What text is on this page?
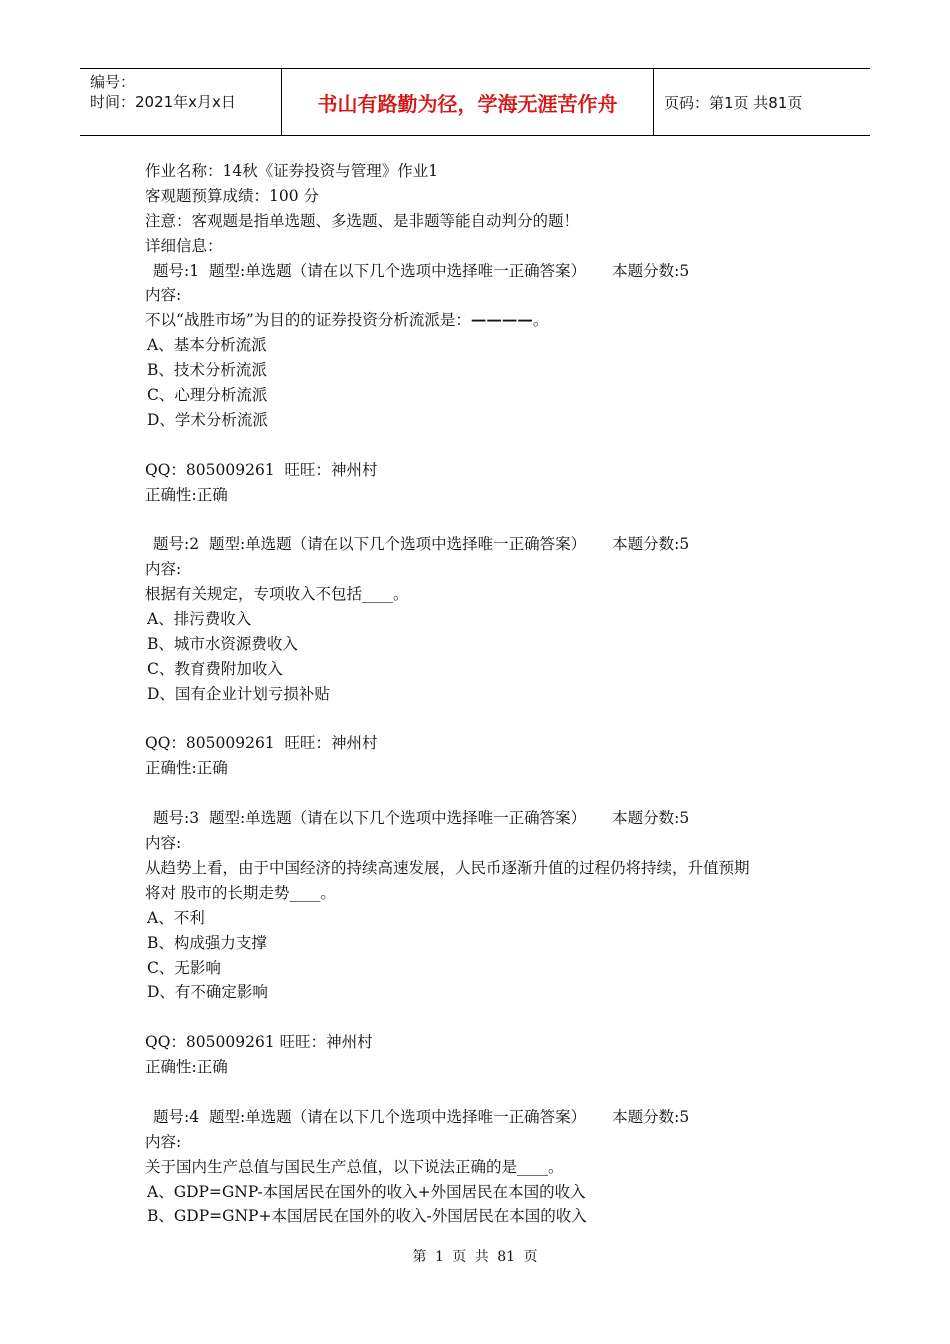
编号：
时间：2021年x月x日	书山有路勤为径，学海无涯苦作舟	页码：第1页 共81页
作业名称：14秋《证券投资与管理》作业1
客观题预算成绩：100 分
注意：客观题是指单选题、多选题、是非题等能自动判分的题！
详细信息：
题号:1  题型:单选题（请在以下几个选项中选择唯一正确答案） 本题分数:5
内容:
不以“战胜市场”为目的的证券投资分析流派是：————。
A、基本分析流派
B、技术分析流派
C、心理分析流派
D、学术分析流派
QQ：805009261  旺旺：神州村
正确性:正确
题号:2  题型:单选题（请在以下几个选项中选择唯一正确答案） 本题分数:5
内容:
根据有关规定，专项收入不包括____。
A、排污费收入
B、城市水资源费收入
C、教育费附加收入
D、国有企业计划亏损补贴
QQ：805009261  旺旺：神州村
正确性:正确
题号:3  题型:单选题（请在以下几个选项中选择唯一正确答案） 本题分数:5
内容:
从趋势上看，由于中国经济的持续高速发展，人民币逐渐升值的过程仍将持续，升值预期
将对 股市的长期走势____。
A、不利
B、构成强力支撑
C、无影响
D、有不确定影响
QQ：805009261 旺旺：神州村
正确性:正确
题号:4  题型:单选题（请在以下几个选项中选择唯一正确答案） 本题分数:5
内容:
关于国内生产总值与国民生产总值，以下说法正确的是____。
A、GDP=GNP-本国居民在国外的收入+外国居民在本国的收入
B、GDP=GNP+本国居民在国外的收入-外国居民在本国的收入
第 1 页 共 81 页
